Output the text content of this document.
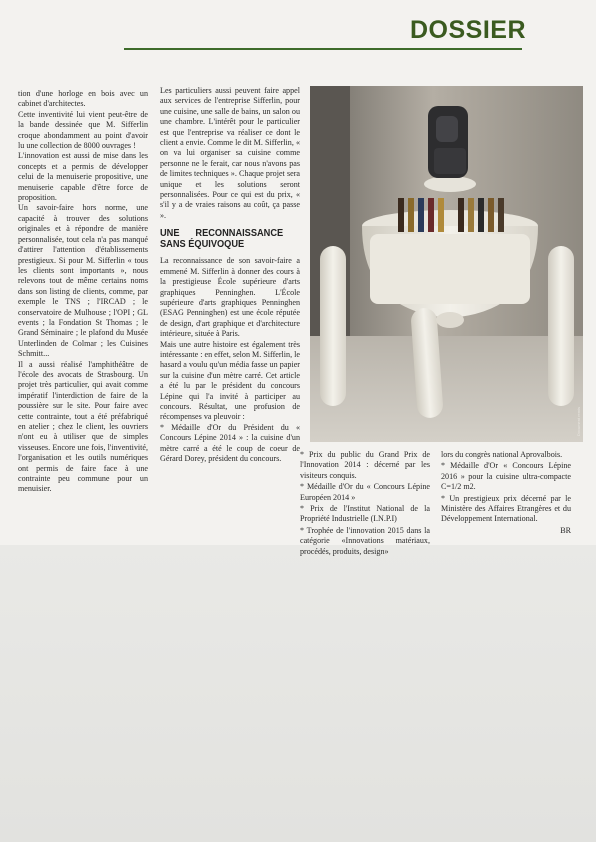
DOSSIER

tion d'une horloge en bois avec un cabinet d'architectes.

Cette inventivité lui vient peut-être de la bande dessinée que M. Sifferlin croque abondamment au point d'avoir lu une collection de 8000 ouvrages !

L'innovation est aussi de mise dans les concepts et a permis de développer celui de la menuiserie propositive, une menuiserie capable d'être force de proposition.

Un savoir-faire hors norme, une capacité à trouver des solutions originales et à répondre de manière personnalisée, tout cela n'a pas manqué d'attirer l'attention d'établissements prestigieux. Si pour M. Sifferlin « tous les clients sont importants », nous relevons tout de même certains noms dans son listing de clients, comme, par exemple le TNS ; l'IRCAD ; le conservatoire de Mulhouse ; l'OPI ; GL events ; la Fondation St Thomas ; le Grand Séminaire ; le plafond du Musée Unterlinden de Colmar ; les Cuisines Schmitt...

Il a aussi réalisé l'amphithéâtre de l'école des avocats de Strasbourg. Un projet très particulier, qui avait comme impératif l'interdiction de faire de la poussière sur le site. Pour faire avec cette contrainte, tout a été préfabriqué en atelier ; chez le client, les ouvriers n'ont eu à utiliser que de simples visseuses. Encore une fois, l'inventivité, l'organisation et les outils numériques ont permis de faire face à une contrainte peu commune pour un menuisier.

Les particuliers aussi peuvent faire appel aux services de l'entreprise Sifferlin, pour une cuisine, une salle de bains, un salon ou une chambre. L'intérêt pour le particulier est que l'entreprise va réaliser ce dont le client a envie. Comme le dit M. Sifferlin, « on va lui organiser sa cuisine comme personne ne le ferait, car nous n'avons pas de limites techniques ». Chaque projet sera unique et les solutions seront personnalisées. Pour ce qui est du prix, « s'il y a de vraies raisons au coût, ça passe ».

UNE RECONNAISSANCE SANS ÉQUIVOQUE

La reconnaissance de son savoir-faire a emmené M. Sifferlin à donner des cours à la prestigieuse École supérieure d'arts graphiques Penninghen. L'École supérieure d'arts graphiques Penninghen (ESAG Penninghen) est une école réputée de design, d'art graphique et d'architecture intérieure, située à Paris.

Mais une autre histoire est également très intéressante : en effet, selon M. Sifferlin, le hasard a voulu qu'un média fasse un papier sur la cuisine d'un mètre carré. Cet article a été lu par le président du concours Lépine qui l'a invité à participer au concours. Résultat, une profusion de récompenses va pleuvoir :

* Médaille d'Or du Président du « Concours Lépine 2014 » : la cuisine d'un mètre carré a été le coup de coeur de Gérard Dorey, président du concours.

Document remis

* Prix du public du Grand Prix de l'Innovation 2014 : décerné par les visiteurs conquis.

* Médaille d'Or du « Concours Lépine Européen 2014 »

* Prix de l'Institut National de la Propriété Industrielle (I.N.P.I)

* Trophée de l'innovation 2015 dans la catégorie «Innovations matériaux, procédés, produits, design»

lors du congrès national Aprovalbois.

* Médaille d'Or « Concours Lépine 2016 » pour la cuisine ultra-compacte C=1/2 m2.

* Un prestigieux prix décerné par le Ministère des Affaires Etrangères et du Développement International.

BR
